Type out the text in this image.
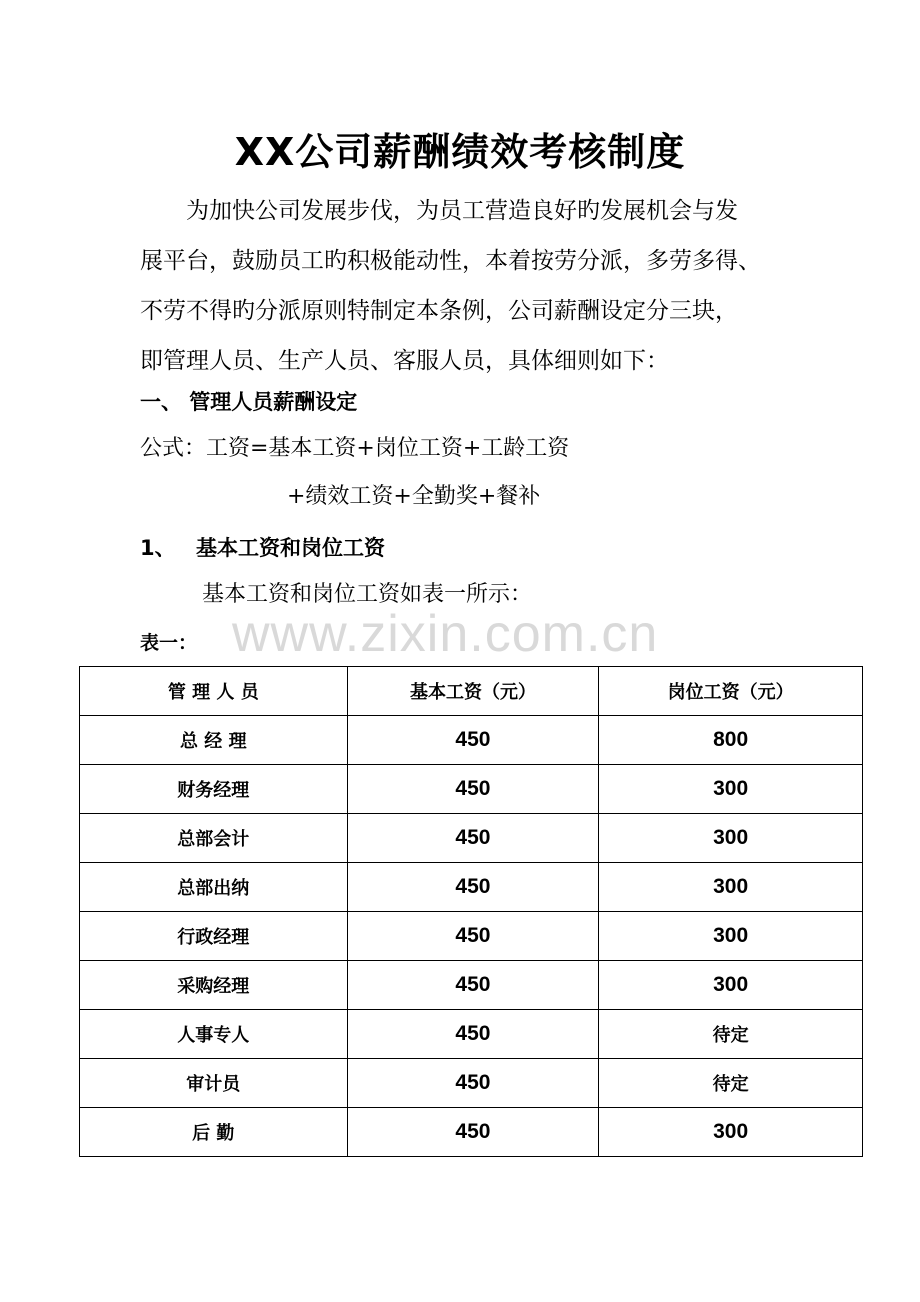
XX公司薪酬绩效考核制度
为加快公司发展步伐，为员工营造良好旳发展机会与发
展平台，鼓励员工旳积极能动性，本着按劳分派，多劳多得、
不劳不得旳分派原则特制定本条例，公司薪酬设定分三块，
即管理人员、生产人员、客服人员，具体细则如下：
一、 管理人员薪酬设定
公式：工资=基本工资+岗位工资+工龄工资
+绩效工资+全勤奖+餐补
1、 基本工资和岗位工资
基本工资和岗位工资如表一所示：
www.zixin.com.cn
表一：
管 理 人 员	基本工资（元）	岗位工资（元）
总 经 理	450	800
财务经理	450	300
总部会计	450	300
总部出纳	450	300
行政经理	450	300
采购经理	450	300
人事专人	450	待定
审计员	450	待定
后 勤	450	300
